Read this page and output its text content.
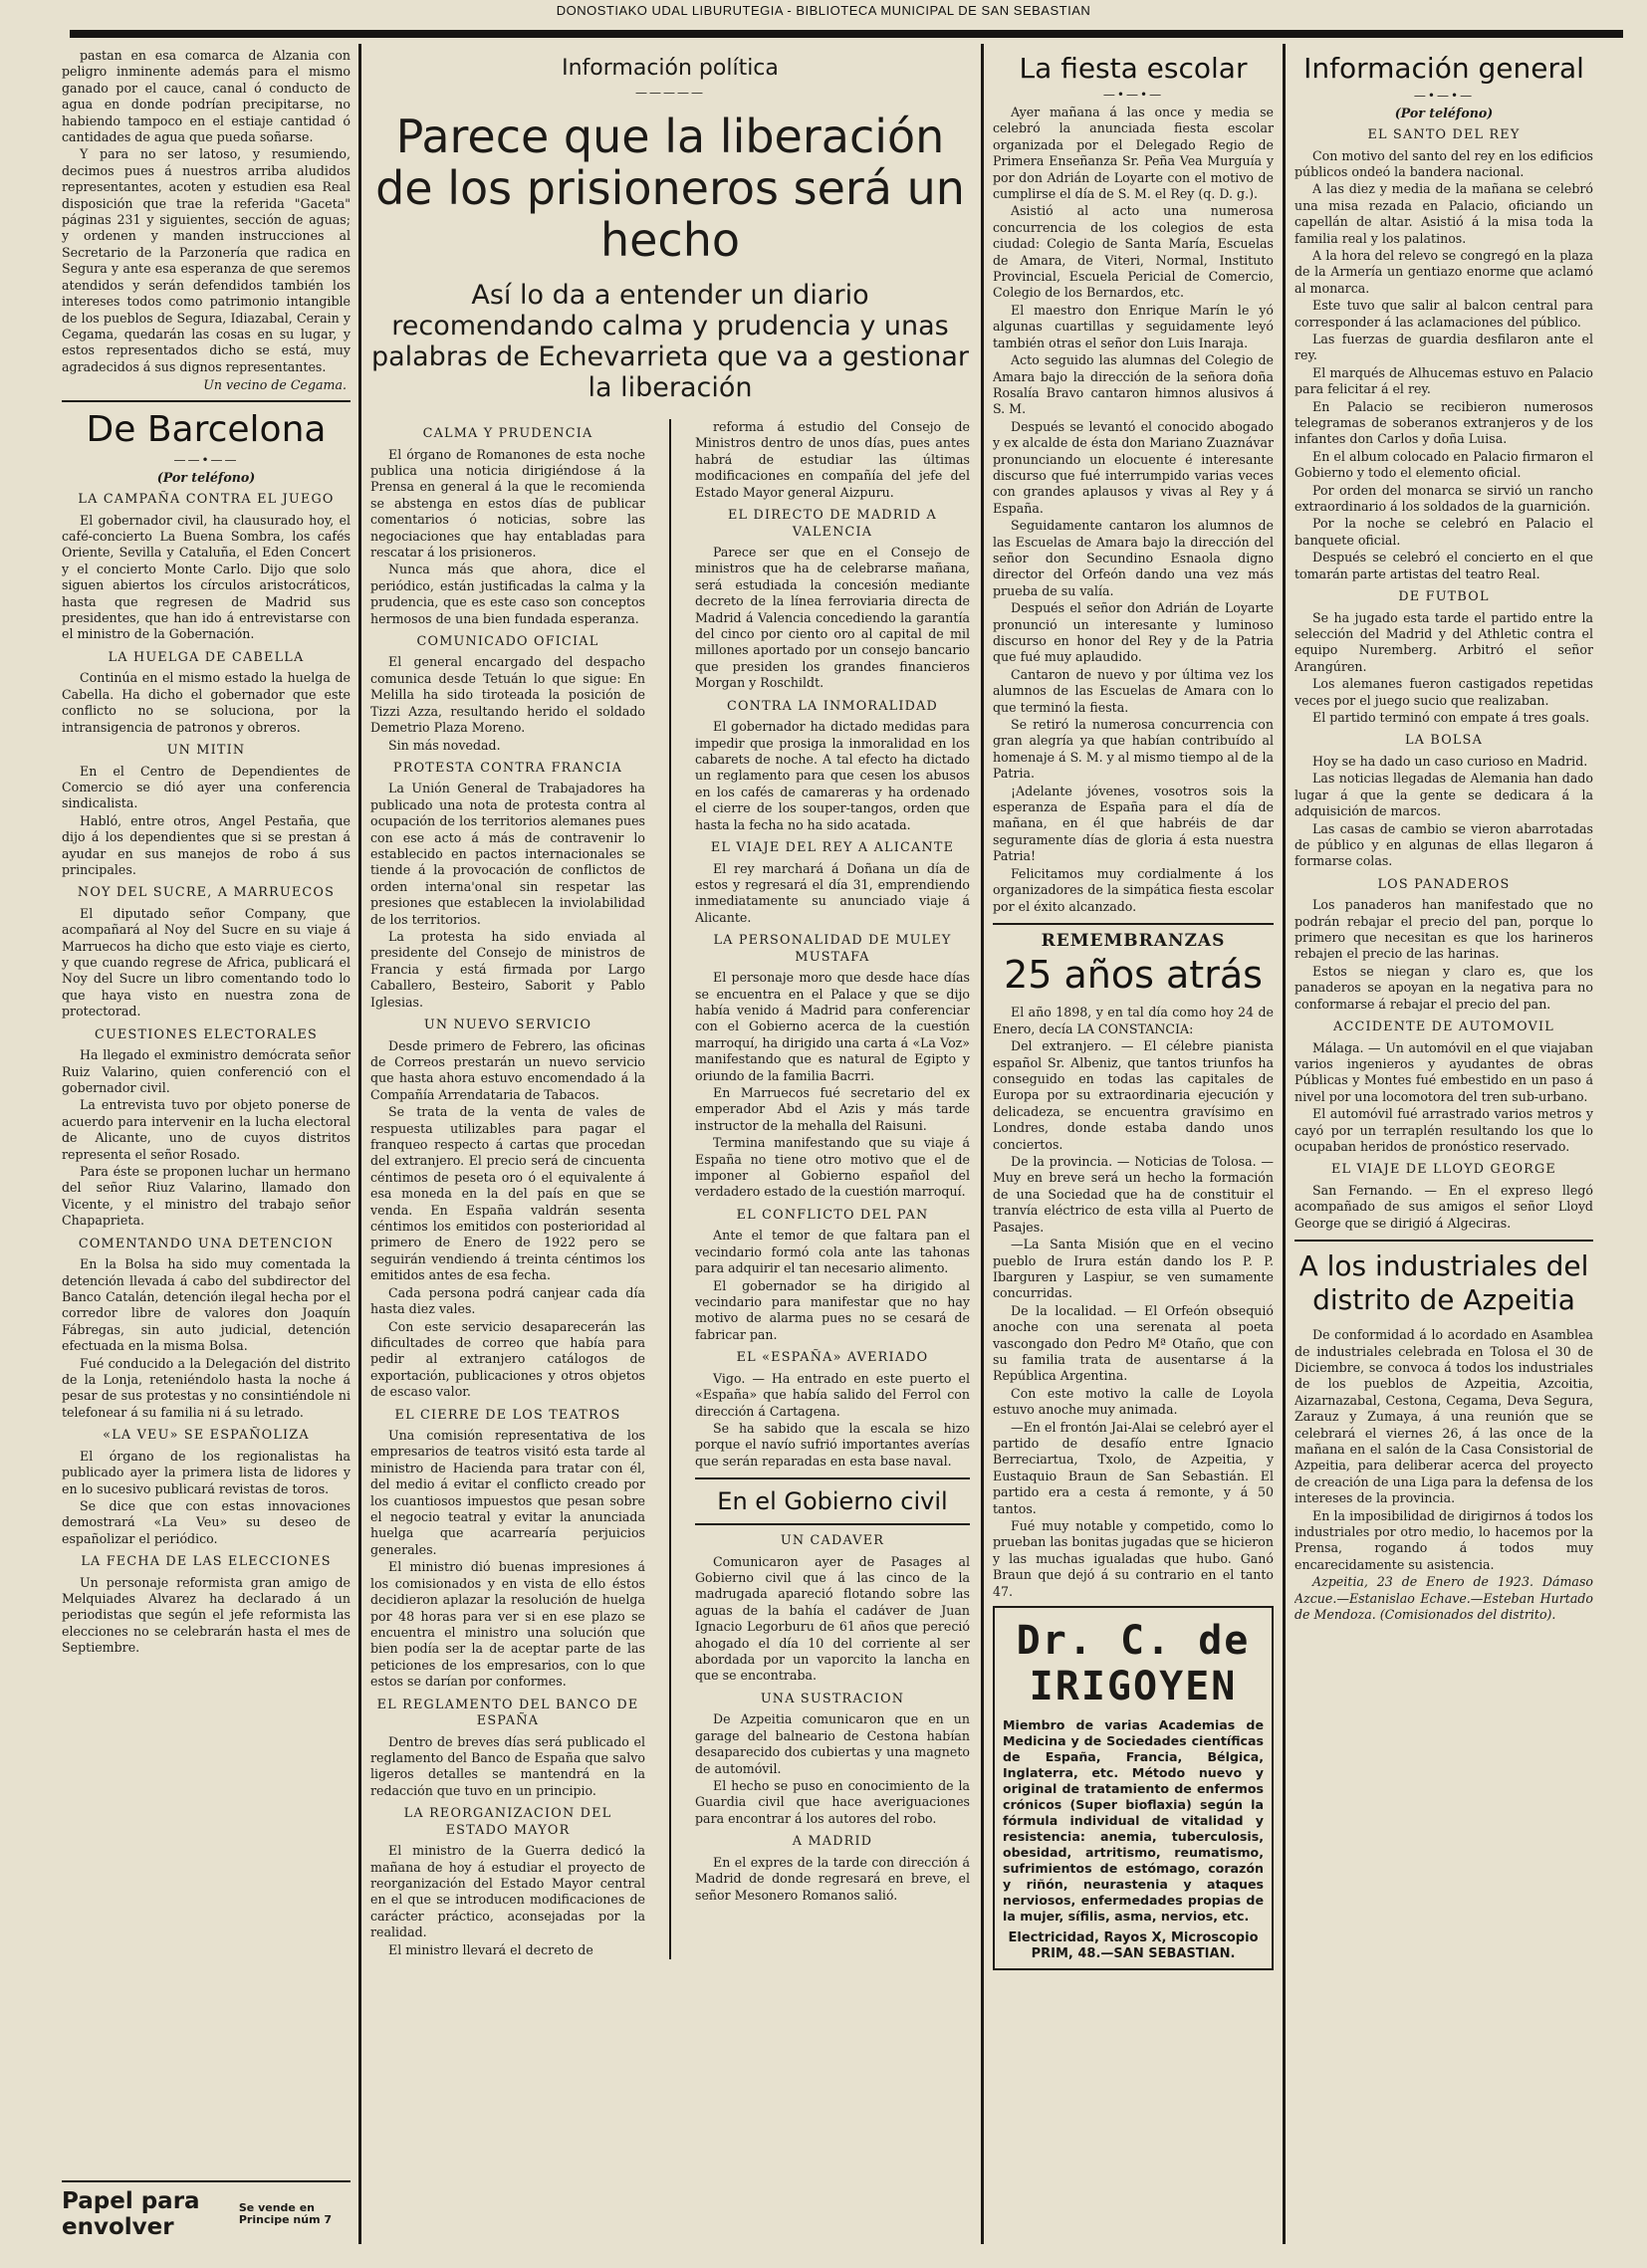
DONOSTIAKO UDAL LIBURUTEGIA - BIBLIOTECA MUNICIPAL DE SAN SEBASTIAN

pastan en esa comarca de Alzania con peligro inminente además para el mismo ganado por el cauce, canal ó conducto de agua en donde podrían precipitarse, no habiendo tampoco en el estiaje cantidad ó cantidades de agua que pueda soñarse.

Y para no ser latoso, y resumiendo, decimos pues á nuestros arriba aludidos representantes, acoten y estudien esa Real disposición que trae la referida "Gaceta" páginas 231 y siguientes, sección de aguas; y ordenen y manden instrucciones al Secretario de la Parzonería que radica en Segura y ante esa esperanza de que seremos atendidos y serán defendidos también los intereses todos como patrimonio intangible de los pueblos de Segura, Idiazabal, Cerain y Cegama, quedarán las cosas en su lugar, y estos representados dicho se está, muy agradecidos á sus dignos representantes.

Un vecino de Cegama.
De Barcelona
——•——
(Por teléfono)
LA CAMPAÑA CONTRA EL JUEGO

El gobernador civil, ha clausurado hoy, el café-concierto La Buena Sombra, los cafés Oriente, Sevilla y Cataluña, el Eden Concert y el concierto Monte Carlo. Dijo que solo siguen abiertos los círculos aristocráticos, hasta que regresen de Madrid sus presidentes, que han ido á entrevistarse con el ministro de la Gobernación.

LA HUELGA DE CABELLA

Continúa en el mismo estado la huelga de Cabella. Ha dicho el gobernador que este conflicto no se soluciona, por la intransigencia de patronos y obreros.

UN MITIN

En el Centro de Dependientes de Comercio se dió ayer una conferencia sindicalista.

Habló, entre otros, Angel Pestaña, que dijo á los dependientes que si se prestan á ayudar en sus manejos de robo á sus principales.

NOY DEL SUCRE, A MARRUECOS

El diputado señor Company, que acompañará al Noy del Sucre en su viaje á Marruecos ha dicho que esto viaje es cierto, y que cuando regrese de Africa, publicará el Noy del Sucre un libro comentando todo lo que haya visto en nuestra zona de protectorad.

CUESTIONES ELECTORALES

Ha llegado el exministro demócrata señor Ruiz Valarino, quien conferenció con el gobernador civil.

La entrevista tuvo por objeto ponerse de acuerdo para intervenir en la lucha electoral de Alicante, uno de cuyos distritos representa el señor Rosado.

Para éste se proponen luchar un hermano del señor Riuz Valarino, llamado don Vicente, y el ministro del trabajo señor Chapaprieta.

COMENTANDO UNA DETENCION

En la Bolsa ha sido muy comentada la detención llevada á cabo del subdirector del Banco Catalán, detención ilegal hecha por el corredor libre de valores don Joaquín Fábregas, sin auto judicial, detención efectuada en la misma Bolsa.

Fué conducido a la Delegación del distrito de la Lonja, reteniéndolo hasta la noche á pesar de sus protestas y no consintiéndole ni telefonear á su familia ni á su letrado.

«LA VEU» SE ESPAÑOLIZA

El órgano de los regionalistas ha publicado ayer la primera lista de lidores y en lo sucesivo publicará revistas de toros.

Se dice que con estas innovaciones demostrará «La Veu» su deseo de españolizar el periódico.

LA FECHA DE LAS ELECCIONES

Un personaje reformista gran amigo de Melquiades Alvarez ha declarado á un periodistas que según el jefe reformista las elecciones no se celebrarán hasta el mes de Septiembre.

Papel para envolver
Se vende en Principe núm 7
Información política
—————
Parece que la liberación de los prisioneros será un hecho
Así lo da a entender un diario recomendando calma y prudencia y unas palabras de Echevarrieta que va a gestionar la liberación
CALMA Y PRUDENCIA

El órgano de Romanones de esta noche publica una noticia dirigiéndose á la Prensa en general á la que le recomienda se abstenga en estos días de publicar comentarios ó noticias, sobre las negociaciones que hay entabladas para rescatar á los prisioneros.

Nunca más que ahora, dice el periódico, están justificadas la calma y la prudencia, que es este caso son conceptos hermosos de una bien fundada esperanza.

COMUNICADO OFICIAL

El general encargado del despacho comunica desde Tetuán lo que sigue: En Melilla ha sido tiroteada la posición de Tizzi Azza, resultando herido el soldado Demetrio Plaza Moreno.

Sin más novedad.

PROTESTA CONTRA FRANCIA

La Unión General de Trabajadores ha publicado una nota de protesta contra al ocupación de los territorios alemanes pues con ese acto á más de contravenir lo establecido en pactos internacionales se tiende á la provocación de conflictos de orden interna'onal sin respetar las presiones que establecen la inviolabilidad de los territorios.

La protesta ha sido enviada al presidente del Consejo de ministros de Francia y está firmada por Largo Caballero, Besteiro, Saborit y Pablo Iglesias.

UN NUEVO SERVICIO

Desde primero de Febrero, las oficinas de Correos prestarán un nuevo servicio que hasta ahora estuvo encomendado á la Compañía Arrendataria de Tabacos.

Se trata de la venta de vales de respuesta utilizables para pagar el franqueo respecto á cartas que procedan del extranjero. El precio será de cincuenta céntimos de peseta oro ó el equivalente á esa moneda en la del país en que se venda. En España valdrán sesenta céntimos los emitidos con posterioridad al primero de Enero de 1922 pero se seguirán vendiendo á treinta céntimos los emitidos antes de esa fecha.

Cada persona podrá canjear cada día hasta diez vales.

Con este servicio desaparecerán las dificultades de correo que había para pedir al extranjero catálogos de exportación, publicaciones y otros objetos de escaso valor.

EL CIERRE DE LOS TEATROS

Una comisión representativa de los empresarios de teatros visitó esta tarde al ministro de Hacienda para tratar con él, del medio á evitar el conflicto creado por los cuantiosos impuestos que pesan sobre el negocio teatral y evitar la anunciada huelga que acarrearía perjuicios generales.

El ministro dió buenas impresiones á los comisionados y en vista de ello éstos decidieron aplazar la resolución de huelga por 48 horas para ver si en ese plazo se encuentra el ministro una solución que bien podía ser la de aceptar parte de las peticiones de los empresarios, con lo que estos se darían por conformes.

EL REGLAMENTO DEL BANCO DE ESPAÑA

Dentro de breves días será publicado el reglamento del Banco de España que salvo ligeros detalles se mantendrá en la redacción que tuvo en un principio.

LA REORGANIZACION DEL ESTADO MAYOR

El ministro de la Guerra dedicó la mañana de hoy á estudiar el proyecto de reorganización del Estado Mayor central en el que se introducen modificaciones de carácter práctico, aconsejadas por la realidad.

El ministro llevará el decreto de

reforma á estudio del Consejo de Ministros dentro de unos días, pues antes habrá de estudiar las últimas modificaciones en compañía del jefe del Estado Mayor general Aizpuru.

EL DIRECTO DE MADRID A VALENCIA

Parece ser que en el Consejo de ministros que ha de celebrarse mañana, será estudiada la concesión mediante decreto de la línea ferroviaria directa de Madrid á Valencia concediendo la garantía del cinco por ciento oro al capital de mil millones aportado por un consejo bancario que presiden los grandes financieros Morgan y Roschildt.

CONTRA LA INMORALIDAD

El gobernador ha dictado medidas para impedir que prosiga la inmoralidad en los cabarets de noche. A tal efecto ha dictado un reglamento para que cesen los abusos en los cafés de camareras y ha ordenado el cierre de los souper-tangos, orden que hasta la fecha no ha sido acatada.

EL VIAJE DEL REY A ALICANTE

El rey marchará á Doñana un día de estos y regresará el día 31, emprendiendo inmediatamente su anunciado viaje á Alicante.

LA PERSONALIDAD DE MULEY MUSTAFA

El personaje moro que desde hace días se encuentra en el Palace y que se dijo había venido á Madrid para conferenciar con el Gobierno acerca de la cuestión marroquí, ha dirigido una carta á «La Voz» manifestando que es natural de Egipto y oriundo de la familia Bacrri.

En Marruecos fué secretario del ex emperador Abd el Azis y más tarde instructor de la mehalla del Raisuni.

Termina manifestando que su viaje á España no tiene otro motivo que el de imponer al Gobierno español del verdadero estado de la cuestión marroquí.

EL CONFLICTO DEL PAN

Ante el temor de que faltara pan el vecindario formó cola ante las tahonas para adquirir el tan necesario alimento.

El gobernador se ha dirigido al vecindario para manifestar que no hay motivo de alarma pues no se cesará de fabricar pan.

EL «ESPAÑA» AVERIADO

Vigo. — Ha entrado en este puerto el «España» que había salido del Ferrol con dirección á Cartagena.

Se ha sabido que la escala se hizo porque el navío sufrió importantes averías que serán reparadas en esta base naval.

En el Gobierno civil
UN CADAVER

Comunicaron ayer de Pasages al Gobierno civil que á las cinco de la madrugada apareció flotando sobre las aguas de la bahía el cadáver de Juan Ignacio Legorburu de 61 años que pereció ahogado el día 10 del corriente al ser abordada por un vaporcito la lancha en que se encontraba.

UNA SUSTRACION

De Azpeitia comunicaron que en un garage del balneario de Cestona habían desaparecido dos cubiertas y una magneto de automóvil.

El hecho se puso en conocimiento de la Guardia civil que hace averiguaciones para encontrar á los autores del robo.

A MADRID

En el expres de la tarde con dirección á Madrid de donde regresará en breve, el señor Mesonero Romanos salió.

La fiesta escolar
—•—•—

Ayer mañana á las once y media se celebró la anunciada fiesta escolar organizada por el Delegado Regio de Primera Enseñanza Sr. Peña Vea Murguía y por don Adrián de Loyarte con el motivo de cumplirse el día de S. M. el Rey (q. D. g.).

Asistió al acto una numerosa concurrencia de los colegios de esta ciudad: Colegio de Santa María, Escuelas de Amara, de Viteri, Normal, Instituto Provincial, Escuela Pericial de Comercio, Colegio de los Bernardos, etc.

El maestro don Enrique Marín le yó algunas cuartillas y seguidamente leyó también otras el señor don Luis Inaraja.

Acto seguido las alumnas del Colegio de Amara bajo la dirección de la señora doña Rosalía Bravo cantaron himnos alusivos á S. M.

Después se levantó el conocido abogado y ex alcalde de ésta don Mariano Zuaznávar pronunciando un elocuente é interesante discurso que fué interrumpido varias veces con grandes aplausos y vivas al Rey y á España.

Seguidamente cantaron los alumnos de las Escuelas de Amara bajo la dirección del señor don Secundino Esnaola digno director del Orfeón dando una vez más prueba de su valía.

Después el señor don Adrián de Loyarte pronunció un interesante y luminoso discurso en honor del Rey y de la Patria que fué muy aplaudido.

Cantaron de nuevo y por última vez los alumnos de las Escuelas de Amara con lo que terminó la fiesta.

Se retiró la numerosa concurrencia con gran alegría ya que habían contribuído al homenaje á S. M. y al mismo tiempo al de la Patria.

¡Adelante jóvenes, vosotros sois la esperanza de España para el día de mañana, en él que habréis de dar seguramente días de gloria á esta nuestra Patria!

Felicitamos muy cordialmente á los organizadores de la simpática fiesta escolar por el éxito alcanzado.

REMEMBRANZAS
25 años atrás

El año 1898, y en tal día como hoy 24 de Enero, decía LA CONSTANCIA:

Del extranjero. — El célebre pianista español Sr. Albeniz, que tantos triunfos ha conseguido en todas las capitales de Europa por su extraordinaria ejecución y delicadeza, se encuentra gravísimo en Londres, donde estaba dando unos conciertos.

De la provincia. — Noticias de Tolosa. — Muy en breve será un hecho la formación de una Sociedad que ha de constituir el tranvía eléctrico de esta villa al Puerto de Pasajes.

—La Santa Misión que en el vecino pueblo de Irura están dando los P. P. Ibarguren y Laspiur, se ven sumamente concurridas.

De la localidad. — El Orfeón obsequió anoche con una serenata al poeta vascongado don Pedro Mª Otaño, que con su familia trata de ausentarse á la República Argentina.

Con este motivo la calle de Loyola estuvo anoche muy animada.

—En el frontón Jai-Alai se celebró ayer el partido de desafío entre Ignacio Berreciartua, Txolo, de Azpeitia, y Eustaquio Braun de San Sebastián. El partido era a cesta á remonte, y á 50 tantos.

Fué muy notable y competido, como lo prueban las bonitas jugadas que se hicieron y las muchas igualadas que hubo. Ganó Braun que dejó á su contrario en el tanto 47.

Dr. C. de IRIGOYEN
Miembro de varias Academias de Medicina y de Sociedades científicas de España, Francia, Bélgica, Inglaterra, etc. Método nuevo y original de tratamiento de enfermos crónicos (Super bioflaxia) según la fórmula individual de vitalidad y resistencia: anemia, tuberculosis, obesidad, artritismo, reumatismo, sufrimientos de estómago, corazón y riñón, neurastenia y ataques nerviosos, enfermedades propias de la mujer, sífilis, asma, nervios, etc.
Electricidad, Rayos X, Microscopio PRIM, 48.—SAN SEBASTIAN.
Información general
—•—•—
(Por teléfono)
EL SANTO DEL REY

Con motivo del santo del rey en los edificios públicos ondeó la bandera nacional.

A las diez y media de la mañana se celebró una misa rezada en Palacio, oficiando un capellán de altar. Asistió á la misa toda la familia real y los palatinos.

A la hora del relevo se congregó en la plaza de la Armería un gentiazo enorme que aclamó al monarca.

Este tuvo que salir al balcon central para corresponder á las aclamaciones del público.

Las fuerzas de guardia desfilaron ante el rey.

El marqués de Alhucemas estuvo en Palacio para felicitar á el rey.

En Palacio se recibieron numerosos telegramas de soberanos extranjeros y de los infantes don Carlos y doña Luisa.

En el album colocado en Palacio firmaron el Gobierno y todo el elemento oficial.

Por orden del monarca se sirvió un rancho extraordinario á los soldados de la guarnición.

Por la noche se celebró en Palacio el banquete oficial.

Después se celebró el concierto en el que tomarán parte artistas del teatro Real.

DE FUTBOL

Se ha jugado esta tarde el partido entre la selección del Madrid y del Athletic contra el equipo Nuremberg. Arbitró el señor Arangúren.

Los alemanes fueron castigados repetidas veces por el juego sucio que realizaban.

El partido terminó con empate á tres goals.

LA BOLSA

Hoy se ha dado un caso curioso en Madrid.

Las noticias llegadas de Alemania han dado lugar á que la gente se dedicara á la adquisición de marcos.

Las casas de cambio se vieron abarrotadas de público y en algunas de ellas llegaron á formarse colas.

LOS PANADEROS

Los panaderos han manifestado que no podrán rebajar el precio del pan, porque lo primero que necesitan es que los harineros rebajen el precio de las harinas.

Estos se niegan y claro es, que los panaderos se apoyan en la negativa para no conformarse á rebajar el precio del pan.

ACCIDENTE DE AUTOMOVIL

Málaga. — Un automóvil en el que viajaban varios ingenieros y ayudantes de obras Públicas y Montes fué embestido en un paso á nivel por una locomotora del tren sub-urbano.

El automóvil fué arrastrado varios metros y cayó por un terraplén resultando los que lo ocupaban heridos de pronóstico reservado.

EL VIAJE DE LLOYD GEORGE

San Fernando. — En el expreso llegó acompañado de sus amigos el señor Lloyd George que se dirigió á Algeciras.

A los industriales del distrito de Azpeitia

De conformidad á lo acordado en Asamblea de industriales celebrada en Tolosa el 30 de Diciembre, se convoca á todos los industriales de los pueblos de Azpeitia, Azcoitia, Aizarnazabal, Cestona, Cegama, Deva Segura, Zarauz y Zumaya, á una reunión que se celebrará el viernes 26, á las once de la mañana en el salón de la Casa Consistorial de Azpeitia, para deliberar acerca del proyecto de creación de una Liga para la defensa de los intereses de la provincia.

En la imposibilidad de dirigirnos á todos los industriales por otro medio, lo hacemos por la Prensa, rogando á todos muy encarecidamente su asistencia.

Azpeitia, 23 de Enero de 1923. Dámaso Azcue.—Estanislao Echave.—Esteban Hurtado de Mendoza. (Comisionados del distrito).
